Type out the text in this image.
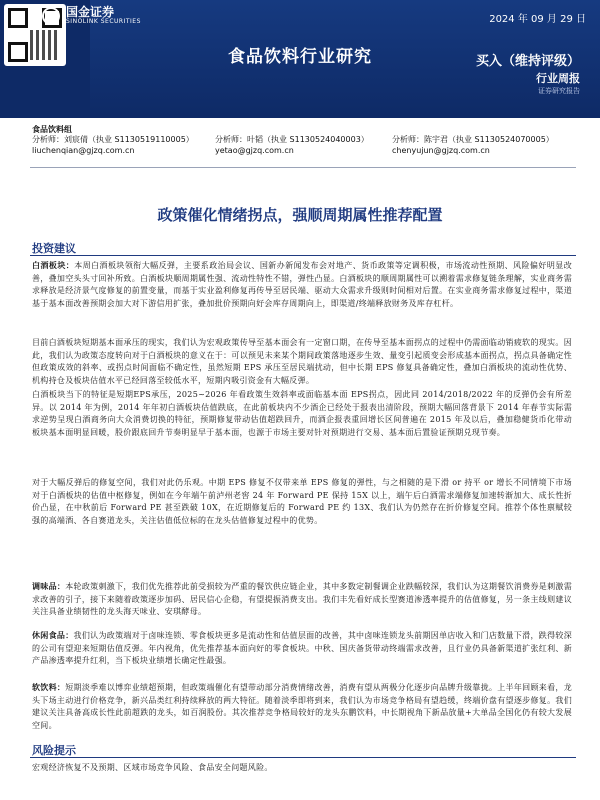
国金证券
SINOLINK SECURITIES	2024 年 09 月 29 日
食品饮料行业研究	买入（维持评级）
行业周报
证券研究报告
食品饮料组
分析师：刘宸倩（执业 S1130519110005）
liuchenqian@gjzq.com.cn
分析师：叶韬（执业 S1130524040003）
yetao@gjzq.com.cn
分析师：陈宇君（执业 S1130524070005）
chenyujun@gjzq.com.cn
政策催化情绪拐点，强顺周期属性推荐配置
投资建议
白酒板块：本周白酒板块领衔大幅反弹，主要系政治局会议、国新办新闻发布会对地产、货币政策等定调积极，市场流动性预期、风险偏好明显改善，叠加空头头寸回补所致。白酒板块顺周期属性强、流动性特性不错，弹性凸显。白酒板块的顺周期属性可以溯着需求修复链条理解，实业商务需求释放是经济景气度修复的前置变量，而基于实业盈利修复再传导至居民端、驱动大众需求升级则时间相对后置。在实业商务需求修复过程中，渠道基于基本面改善预期会加大对下游信用扩张，叠加批价预期向好会库存周期向上，即渠道/终端释放财务及库存杠杆。
目前白酒板块短期基本面承压的现实，我们认为宏观政策传导至基本面会有一定窗口期，在传导至基本面拐点的过程中仍需面临动销疲软的现实。因此，我们认为政策态度转向对于白酒板块的意义在于：可以预见未来某个期间政策落地逐步生效、量变引起质变会形成基本面拐点，拐点具备确定性但政策成效的斜率、或拐点时间面临不确定性，虽然短期 EPS 承压至居民端扰动，但中长期 EPS 修复具备确定性，叠加白酒板块的流动性优势、机构持仓及板块估值水平已经回落至较低水平，短期内吸引资金有大幅反弹。
白酒板块当下的特征是短期EPS承压，2025~2026 年看政策生效斜率或面临基本面 EPS拐点，因此同 2014/2018/2022 年的反弹仍会有所差异。以 2014 年为例，2014 年年初白酒板块估值跌底，在此前板块内不少酒企已经处于报表出清阶段，预期大幅回落背景下 2014 年春节实际需求逆势呈现白酒商务向大众消费切换的特征，预期修复带动估值超跌回升，而酒企报表重回增长区间普遍在 2015 年及以后，叠加稳健货币化带动板块基本面明显回暖，股价跟底回升节奏明显早于基本面，也源于市场主要对针对预期进行交易、基本面后置验证预期兑现节奏。
对于大幅反弹后的修复空间，我们对此仍乐观。中期 EPS 修复不仅带来单 EPS 修复的弹性，与之相随的是下滑 or 持平 or 增长不同情境下市场对于白酒板块的估值中枢修复，例如在今年端午前泸州老窖 24 年 Forward PE 保持 15X 以上，端午后白酒需求端修复加速转渐加大、成长性折价凸显，在中秋前后 Forward PE 甚至跌破 10X，在近期修复后的 Forward PE 约 13X、我们认为仍然存在折价修复空间。推荐个体性禀赋较强的高端酒、各自赛道龙头，关注估值低位标的在龙头估值修复过程中的优势。
调味品：本轮政策刺激下，我们优先推荐此前受损较为严重的餐饮供应链企业，其中多数定制餐调企业跌幅较深，我们认为这期餐饮消费券是刺激需求改善的引子，接下来随着政策逐步加码、居民信心企稳，有望提振消费支出。我们丰先看好成长型赛道渗透率提升的估值修复，另一条主线则建议关注具备业绩韧性的龙头海天味业、安琪酵母。
休闲食品：我们认为政策端对于卤味连锁、零食板块更多是流动性和估值层面的改善，其中卤味连锁龙头前期因单店收入和门店数量下滑，跌得较深的公司有望迎来短期估值反弹。年内视角，优先推荐基本面向好的零食板块。中秋、国庆备货带动终端需求改善，且行业仍具备新渠道扩张红利、新产品渗透率提升红利，当下板块业绩增长确定性最强。
软饮料：短期淡季难以博弈业绩超预期，但政策端催化有望带动部分消费情绪改善，消费有望从两极分化逐步向品牌升级靠拢。上半年回顾来看，龙头下场主动进行价格竞争，新兴品类红利持续释放的两大特征。随着淡季即将到来，我们认为市场竞争格局有望趋缓，终端价盘有望逐步修复。我们建议关注具备高成长性此前超跌的龙头，如百润股份。其次推荐竞争格局较好的龙头东鹏饮料，中长期视角下新品放量+大单品全国化仍有较大发展空间。
风险提示
宏观经济恢复不及预期、区域市场竞争风险、食品安全问题风险。
